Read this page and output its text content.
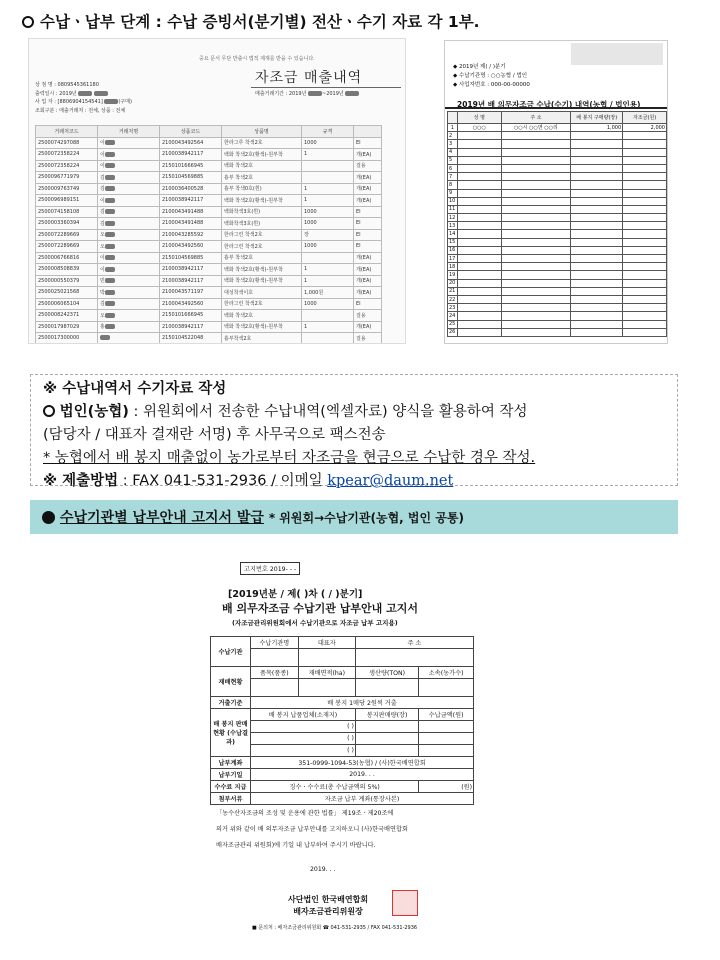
수납ㆍ납부 단계 : 수납 증빙서(분기별) 전산ㆍ수기 자료 각 1부.
중요 문서 무단 반출시 법적 제재를 받을 수 있습니다.
자조금 매출내역
매출거래기간 : 2019년	~2019년
상 점 명 : 0809545361180
출력일시 : 2019년
사 업 자 : [8806904154541]	(구매)
조회구분 : 매출거래처 : 전체, 상품 : 전체
거래처코드	거래처명	상품코드	상품명	규격	
2500074297088	이	2100043492564	한라그루 착색2호	1000	EI
2500072358224	이	2100038942117	백화 착색2호(황색)-원부착	1	개(EA)
2500072358224	이	2150101666945	백화 착색2호		걸용
2500096771979	김	2150104569885	흉부 착색2호		개(EA)
2500009763749	김	2100036400528	흉부 착색0호(흰)	1	개(EA)
2500096989151	이	2100038942117	백화 착색2호(황색)-원부착	1	개(EA)
2500074158108	김	2100043491488	백화착색3호(흰)	1000	EI
2500003360394	김	2100043491488	백화착색3호(흰)	1000	EI
2500072289669	오	2100043285592	한라그린 착색2호	장	EI
2500072289669	오	2100043492560	한라그린 착색2호	1000	EI
2500006766816	이	2150104569885	흉부 착색2호		개(EA)
2500008508839	이	2100038942117	백화 착색2호(황색)-원부착	1	개(EA)
2500000550379	민	2100038942117	백화 착색2호(황색)-원부착	1	개(EA)
2500025021568	박	2100043571197	대성착색이호	1,000원	개(EA)
2500006065104	김	2100043492560	한라그린 착색2호	1000	EI
2500008242371	오	2150101666945	백화 착색2호		걸용
2500017987029	홍	2100038942117	백화 착색2호(황색)-원부착	1	개(EA)
2500017300000		2150104522048	흉부착색2호		걸용
◆ 2019년 제( / )분기
◆ 수납기관명 : ○○농협 / 법인
◆ 사업자번호 : 000-00-00000
2019년 배 의무자조금 수납(수기) 내역(농협 / 법인용)
	성 명	주 소	배 봉지 구매량(장)	자조금(원)
1	○○○	○○시 ○○면 ○○리	1,000	2,000
2				
3				
4				
5				
6				
7				
8				
9				
10				
11				
12				
13				
14				
15				
16				
17				
18				
19				
20				
21				
22				
23				
24				
25				
26				
※ 수납내역서 수기자료 작성
법인(농협) : 위원회에서 전송한 수납내역(엑셀자료) 양식을 활용하여 작성
(담당자 / 대표자 결재란 서명) 후 사무국으로 팩스전송
* 농협에서 배 봉지 매출없이 농가로부터 자조금을 현금으로 수납한 경우 작성.
※ 제출방법 : FAX 041-531-2936 / 이메일 kpear@daum.net
수납기관별 납부안내 고지서 발급 * 위원회→수납기관(농협, 법인 공통)
고지번호 2019- - -
[2019년분 / 제( )차 ( / )분기]
배 의무자조금 수납기관 납부안내 고지서
(자조금관리위원회에서 수납기관으로 자조금 납부 고지용)
수납기관	수납기관명	대표자	주 소	

재배현황	품목(품종)	재배면적(ha)	생산량(TON)	소속(농가수)

거출기준	배 봉지 1매당 2원씩 거출			
배 봉지 판매현황 (수납결과)	배 봉지 납품업체(소재지)		봉지판매량(장)	수납금액(원)
	( )			
	( )			
	( )			
납부계좌	351-0999-1094-53(농협) / (사)한국배연합회			
납부기일	2019. . .			
수수료 지급	징수ㆍ수수료(총 수납금액의 5%)			(원)
첨부서류	자조금 납부 계좌(통장사본)			
「농수산자조금의 조성 및 운용에 관한 법률」 제19조ㆍ제20조에
의거 위와 같이 배 의무자조금 납부안내를 고지하오니 (사)한국배연합회
배자조금관리 위원회)에 기일 내 납부하여 주시기 바랍니다.
2019. . .
사단법인 한국배연합회
배자조금관리위원장
■ 문의처 : 배자조금관리위원회 ☎ 041-531-2935 / FAX 041-531-2936
